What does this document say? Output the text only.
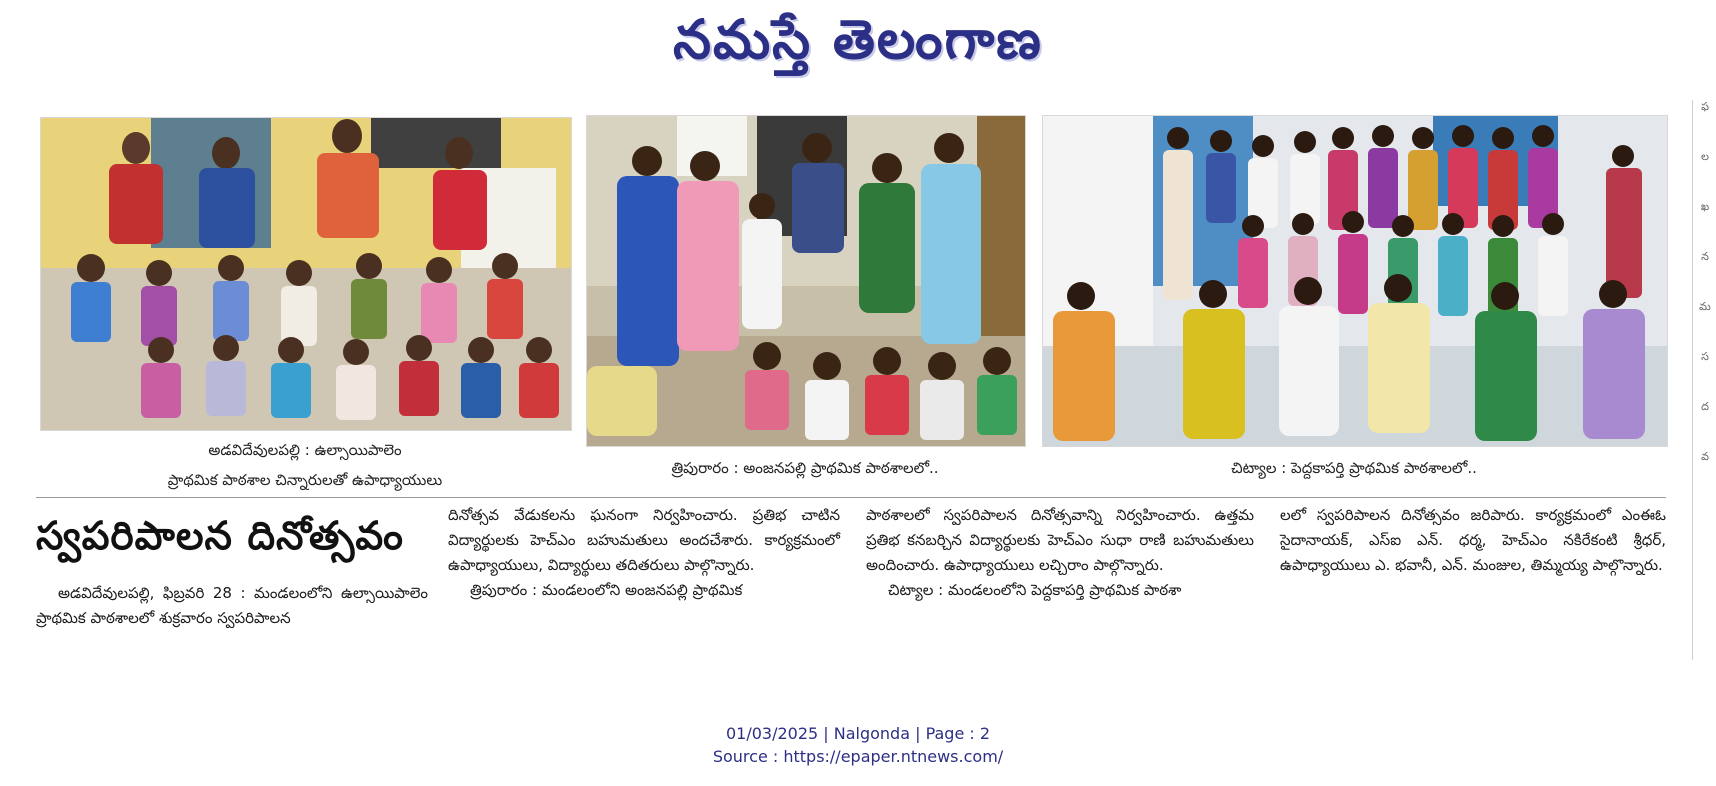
నమస్తే తెలంగాణ
అడవిదేవులపల్లి : ఉల్సాయిపాలెం
ప్రాథమిక పాఠశాల చిన్నారులతో ఉపాధ్యాయులు
త్రిపురారం : అంజనపల్లి ప్రాథమిక పాఠశాలలో..	చిట్యాల : పెద్దకాపర్తి ప్రాథమిక పాఠశాలలో..
స్వపరిపాలన దినోత్సవం

అడవిదేవులపల్లి, ఫిబ్రవరి 28 : మండలంలోని ఉల్సాయిపాలెం ప్రాథమిక పాఠశాలలో శుక్రవారం స్వపరిపాలన

దినోత్సవ వేడుకలను ఘనంగా నిర్వహించారు. ప్రతిభ చాటిన విద్యార్థులకు హెచ్ఎం బహుమతులు అందచేశారు. కార్యక్రమంలో ఉపాధ్యాయులు, విద్యార్థులు తదితరులు పాల్గొన్నారు.

త్రిపురారం : మండలంలోని అంజనపల్లి ప్రాథమిక

పాఠశాలలో స్వపరిపాలన దినోత్సవాన్ని నిర్వహించారు. ఉత్తమ ప్రతిభ కనబర్చిన విద్యార్థులకు హెచ్ఎం సుధా రాణి బహుమతులు అందించారు. ఉపాధ్యాయులు లచ్చిరాం పాల్గొన్నారు.

చిట్యాల : మండలంలోని పెద్దకాపర్తి ప్రాథమిక పాఠశా

లలో స్వపరిపాలన దినోత్సవం జరిపారు. కార్యక్రమంలో ఎంఈఓ సైదానాయక్, ఎస్ఐ ఎన్. ధర్మ, హెచ్ఎం నకిరేకంటి శ్రీధర్, ఉపాధ్యాయులు ఎ. భవానీ, ఎన్. మంజుల, తిమ్మయ్య పాల్గొన్నారు.

ఫ
ల
ఖ
న
మ
స
ద
వ
01/03/2025 | Nalgonda | Page : 2
Source : https://epaper.ntnews.com/
